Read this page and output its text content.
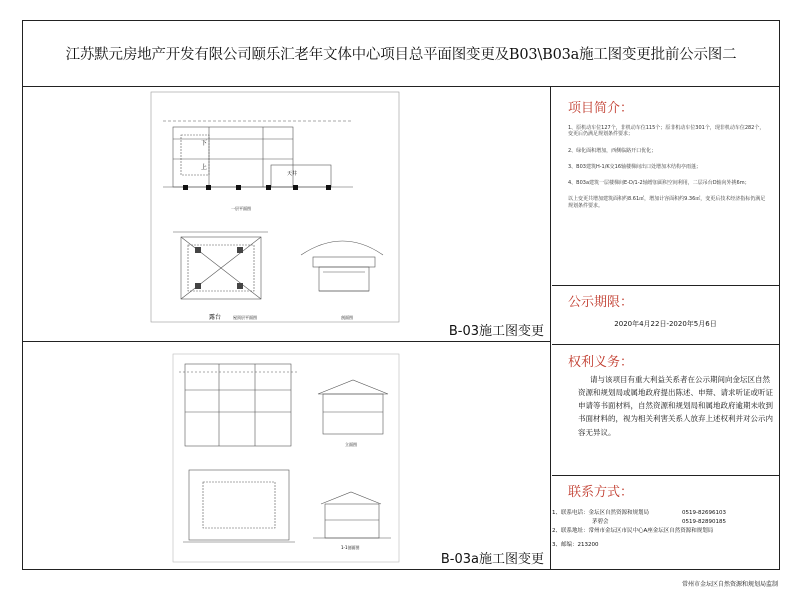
江苏默元房地产开发有限公司颐乐汇老年文体中心项目总平面图变更及B03\B03a施工图变更批前公示图二
下
上
天井
一层平面图
露台	屋顶层平面图	剖面图
B-03施工图变更
立面图
1-1剖面图
B-03a施工图变更
项目简介：
1、原机动车位127个，非机动车位115个；原非机动车位301个，现非机动车位282个，变更后仍满足规划条件要求；
2、绿化面积增加，西侧临路开口优化；
3、B03建筑H-1/K交16轴楼梯间出口处增加木结构亭雨蓬；
4、B03a建筑一层楼梯间E-D/1-2轴增加面积空间利用，二层吊台D轴向外挑6m；
以上变更共增加建筑面积约8.61㎡，增加计容面积约9.36㎡，变更后技术经济指标仍满足规划条件要求。
公示期限：
2020年4月22日-2020年5月6日
权利义务：
请与该项目有重大利益关系者在公示期间向金坛区自然资源和规划局或属地政府提出陈述、申辩、请求听证或听证申请等书面材料，自然资源和规划局和属地政府逾期未收到书面材料的，视为相关利害关系人放弃上述权利并对公示内容无异议。
联系方式：
1、联系电话：金坛区自然资源和规划局	0519-82696103
茅碧会	0519-82890185
2、联系地址：常州市金坛区市民中心A座金坛区自然资源和规划局
3、邮编：213200
常州市金坛区自然资源和规划局监制
